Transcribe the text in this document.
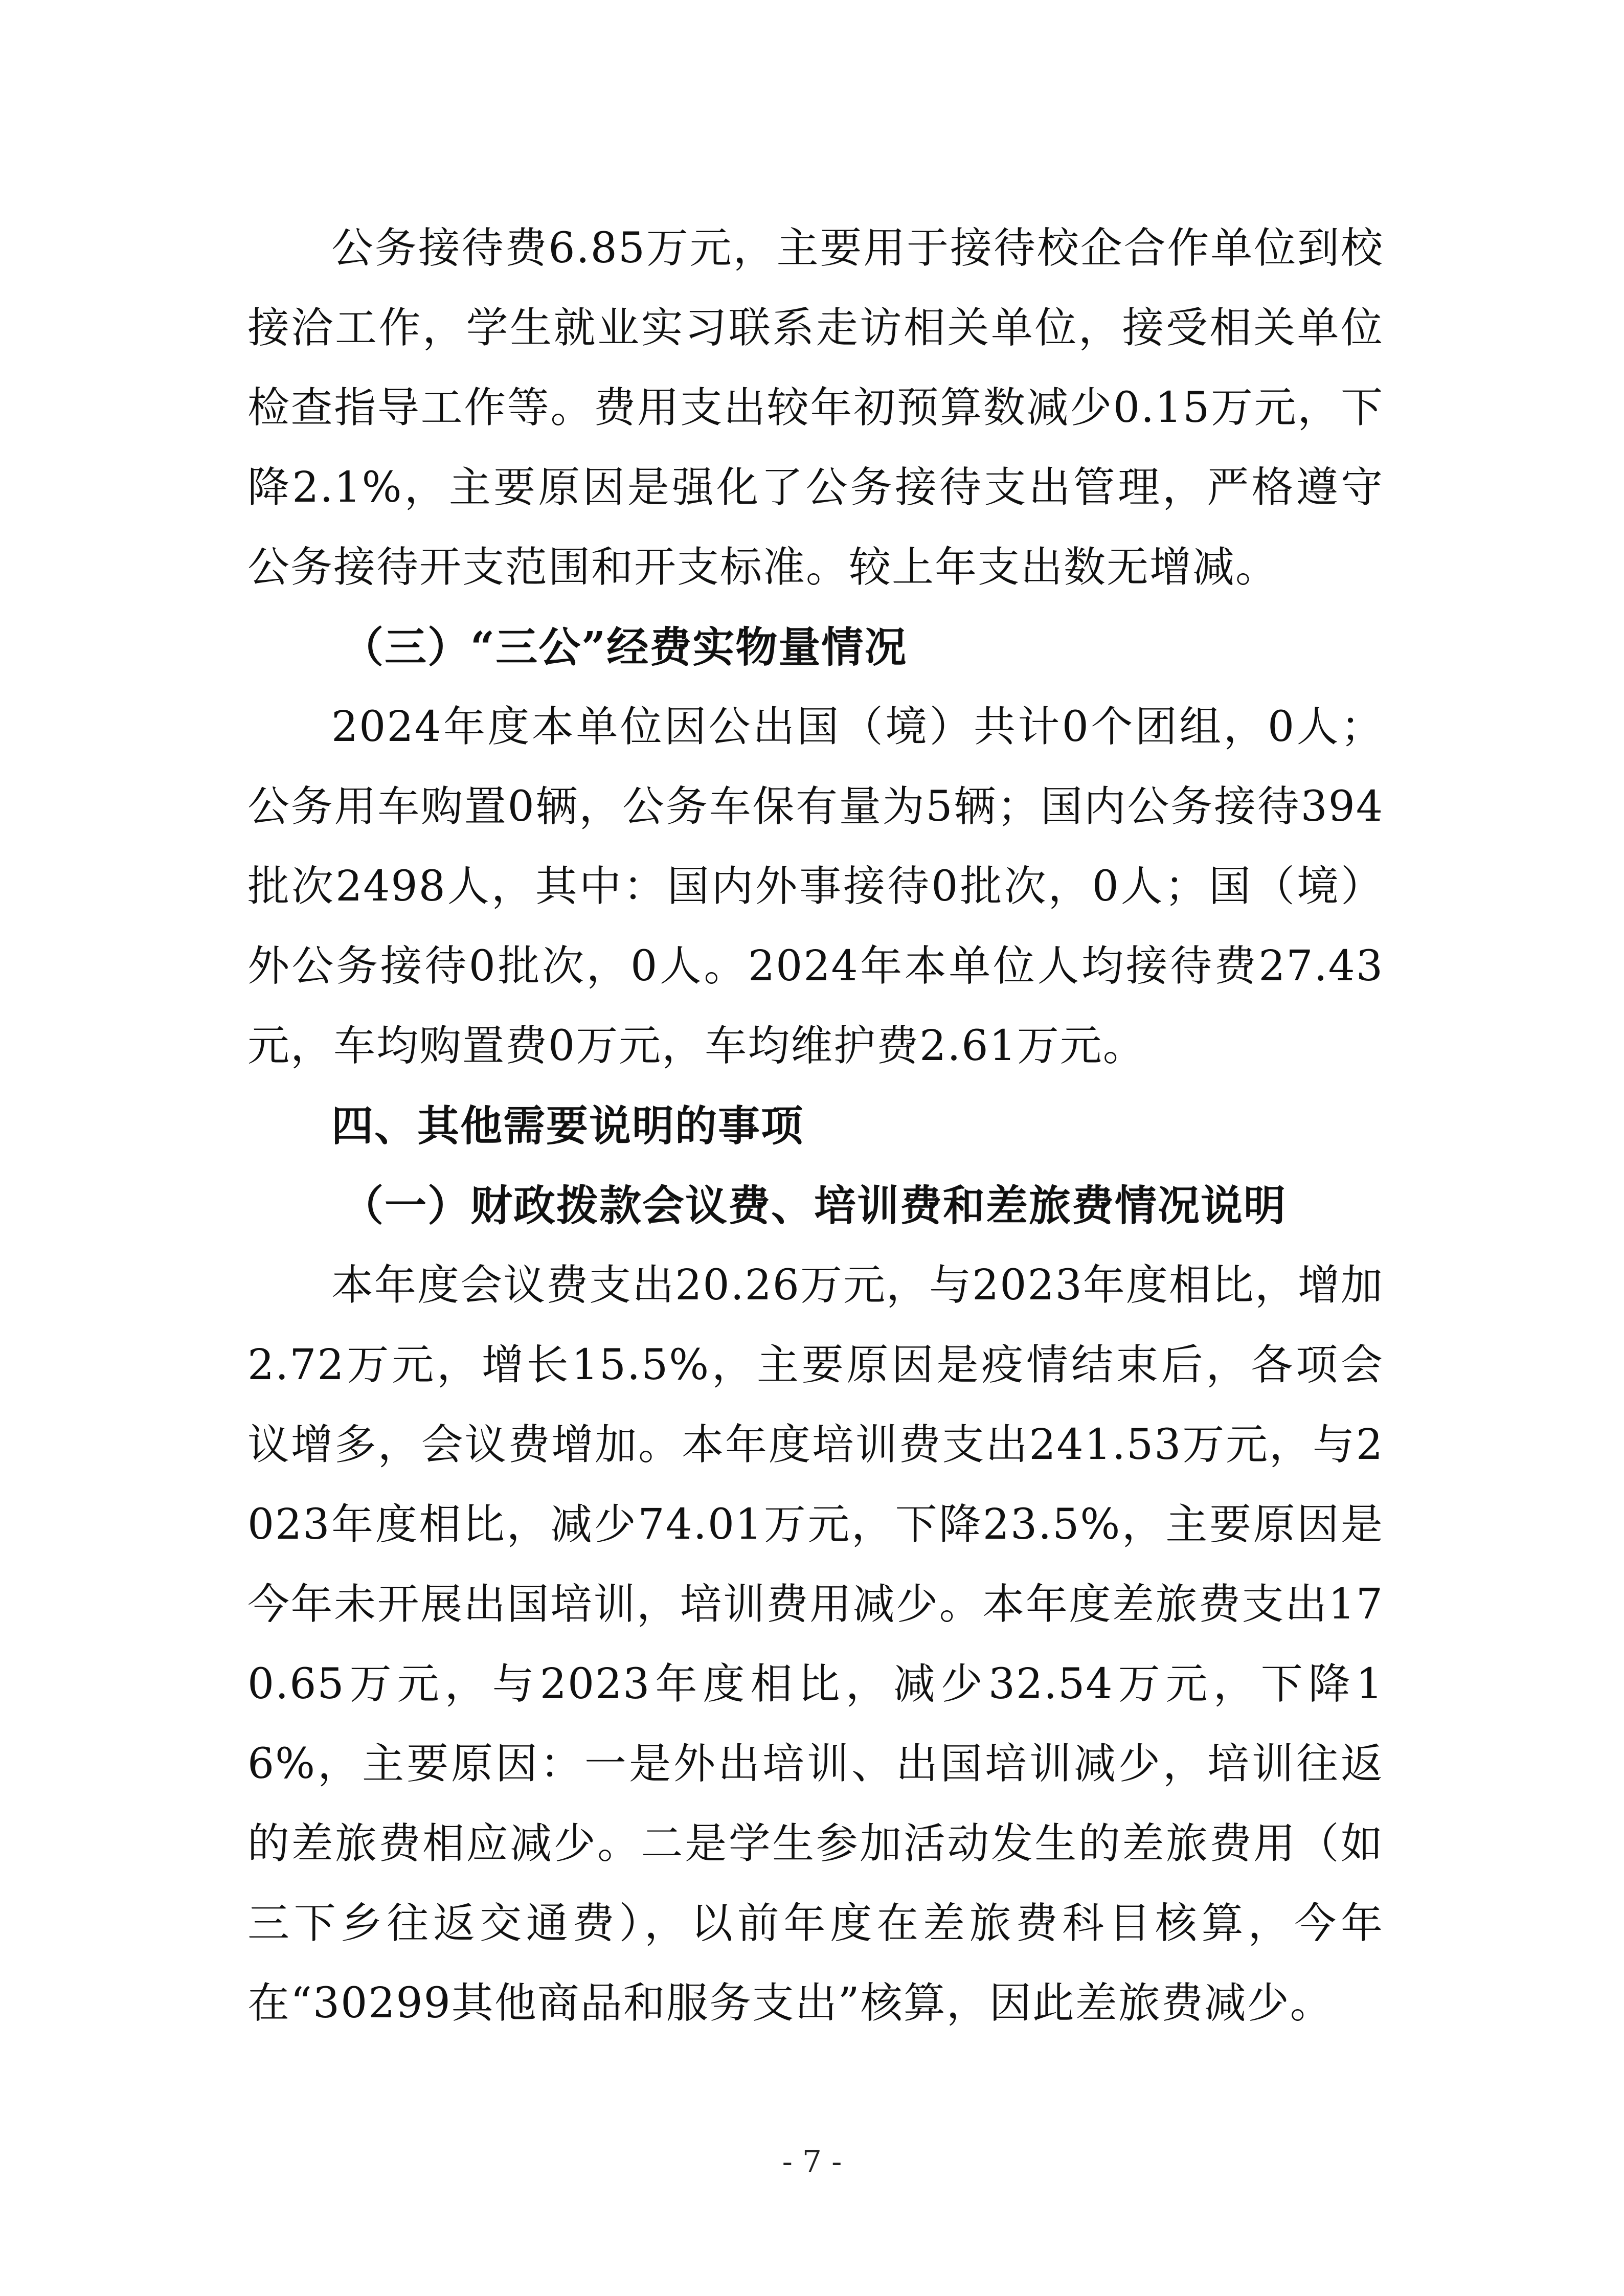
公务接待费6.85万元，主要用于接待校企合作单位到校接洽工作，学生就业实习联系走访相关单位，接受相关单位检查指导工作等。费用支出较年初预算数减少0.15万元，下降2.1%，主要原因是强化了公务接待支出管理，严格遵守公务接待开支范围和开支标准。较上年支出数无增减。

（三）“三公”经费实物量情况

2024年度本单位因公出国（境）共计0个团组，0人；公务用车购置0辆，公务车保有量为5辆；国内公务接待394批次2498人，其中：国内外事接待0批次，0人；国（境）外公务接待0批次，0人。2024年本单位人均接待费27.43元，车均购置费0万元，车均维护费2.61万元。

四、其他需要说明的事项

（一）财政拨款会议费、培训费和差旅费情况说明

本年度会议费支出20.26万元，与2023年度相比，增加2.72万元，增长15.5%，主要原因是疫情结束后，各项会议增多，会议费增加。本年度培训费支出241.53万元，与2023年度相比，减少74.01万元，下降23.5%，主要原因是今年未开展出国培训，培训费用减少。本年度差旅费支出170.65万元，与2023年度相比，减少32.54万元，下降16%，主要原因：一是外出培训、出国培训减少，培训往返的差旅费相应减少。二是学生参加活动发生的差旅费用（如三下乡往返交通费），以前年度在差旅费科目核算，今年在“30299其他商品和服务支出”核算，因此差旅费减少。

- 7 -
